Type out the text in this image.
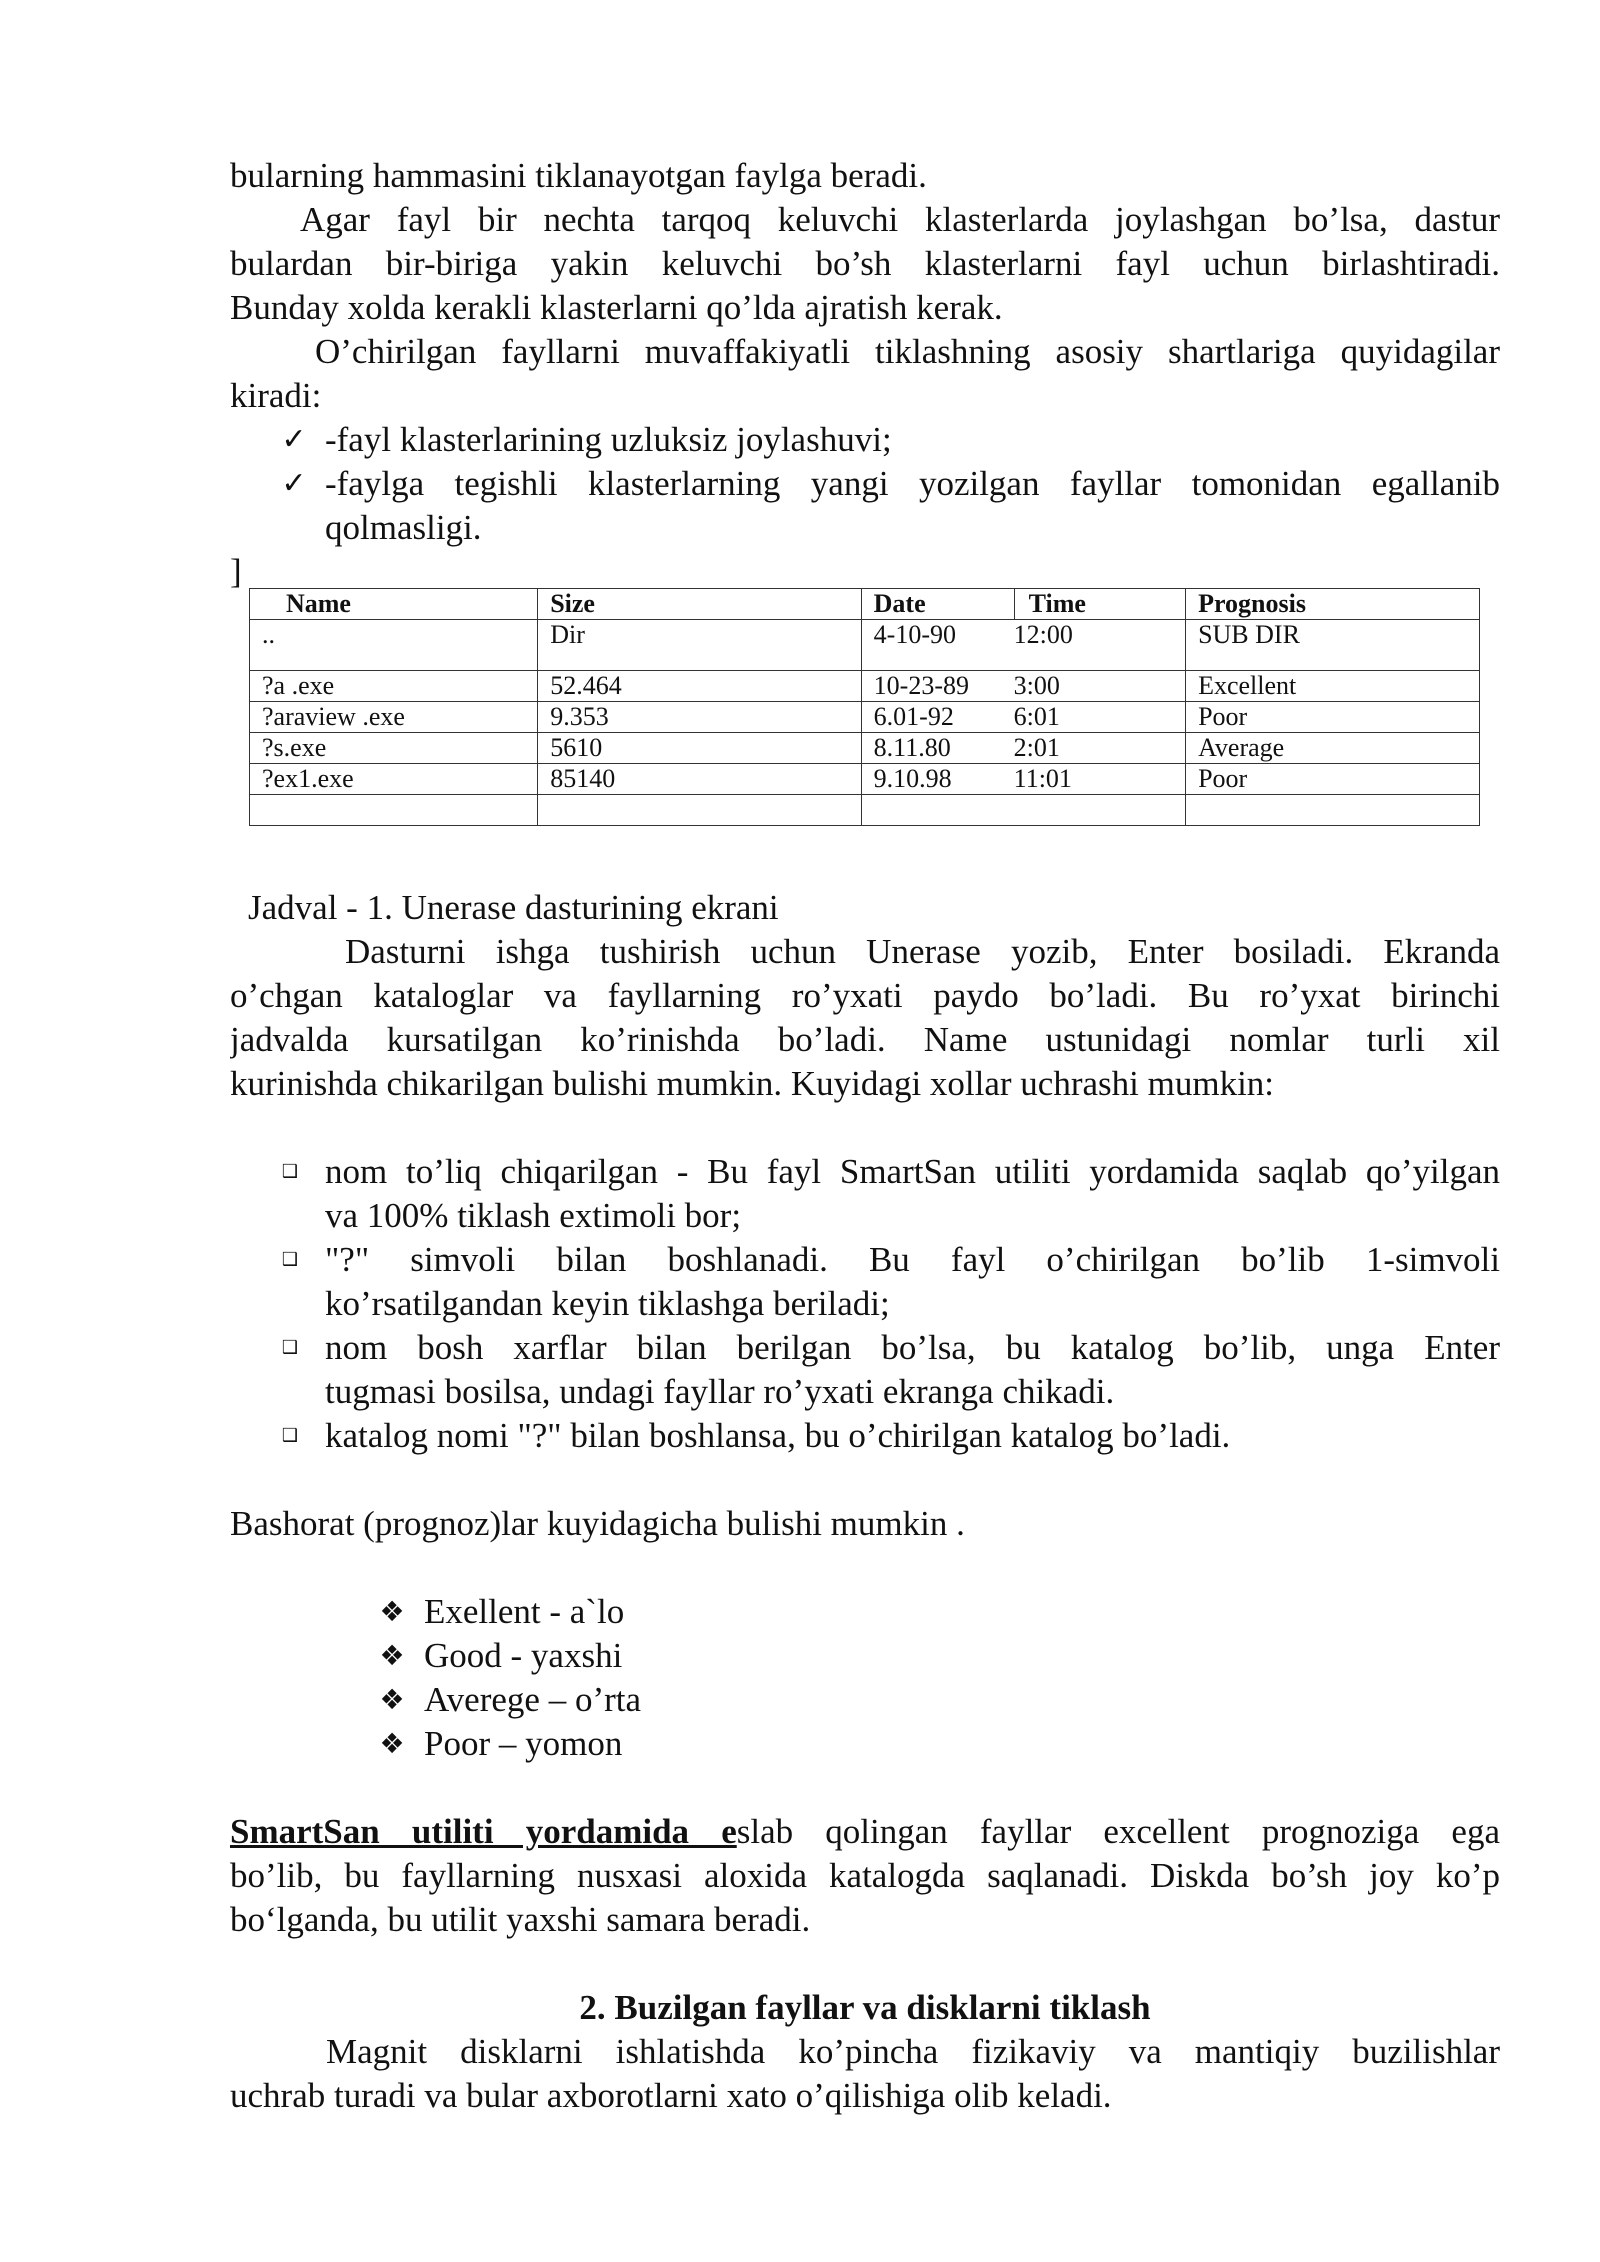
bularning hammasini tiklanayotgan faylga beradi.
Agar fayl bir nechta tarqoq keluvchi klasterlarda joylashgan bo’lsa, dastur
bulardan bir-biriga yakin keluvchi bo’sh klasterlarni fayl uchun birlashtiradi.
Bunday xolda kerakli klasterlarni qo’lda ajratish kerak.
O’chirilgan fayllarni muvaffakiyatli tiklashning asosiy shartlariga quyidagilar
kiradi:
✓ -fayl klasterlarining uzluksiz joylashuvi;
✓ -faylga tegishli klasterlarning yangi yozilgan fayllar tomonidan egallanib
qolmasligi.
]
Name	Size	Date Time	Prognosis
..	Dir	4-10-90 12:00	SUB DIR
?a .exe	52.464	10-23-89 3:00	Excellent
?araview .exe	9.353	6.01-92 6:01	Poor
?s.exe	5610	8.11.80 2:01	Average
?ex1.exe	85140	9.10.98 11:01	Poor

Jadval - 1. Unerase dasturining ekrani
Dasturni ishga tushirish uchun Unerase yozib, Enter bosiladi. Ekranda
o’chgan kataloglar va fayllarning ro’yxati paydo bo’ladi. Bu ro’yxat birinchi
jadvalda kursatilgan ko’rinishda bo’ladi. Name ustunidagi nomlar turli xil
kurinishda chikarilgan bulishi mumkin. Kuyidagi xollar uchrashi mumkin:
❑ nom to’liq chiqarilgan - Bu fayl SmartSan utiliti yordamida saqlab qo’yilgan
va 100% tiklash extimoli bor;
❑ "?" simvoli bilan boshlanadi. Bu fayl o’chirilgan bo’lib 1-simvoli
ko’rsatilgandan keyin tiklashga beriladi;
❑ nom bosh xarflar bilan berilgan bo’lsa, bu katalog bo’lib, unga Enter
tugmasi bosilsa, undagi fayllar ro’yxati ekranga chikadi.
❑ katalog nomi "?" bilan boshlansa, bu o’chirilgan katalog bo’ladi.
Bashorat (prognoz)lar kuyidagicha bulishi mumkin .
❖ Exellent - a`lo
❖ Good - yaxshi
❖ Averege – o’rta
❖ Poor – yomon
SmartSan utiliti yordamida eslab qolingan fayllar excellent prognoziga ega
bo’lib, bu fayllarning nusxasi aloxida katalogda saqlanadi. Diskda bo’sh joy ko’p
bo‘lganda, bu utilit yaxshi samara beradi.
2. Buzilgan fayllar va disklarni tiklash
Magnit disklarni ishlatishda ko’pincha fizikaviy va mantiqiy buzilishlar
uchrab turadi va bular axborotlarni xato o’qilishiga olib keladi.
